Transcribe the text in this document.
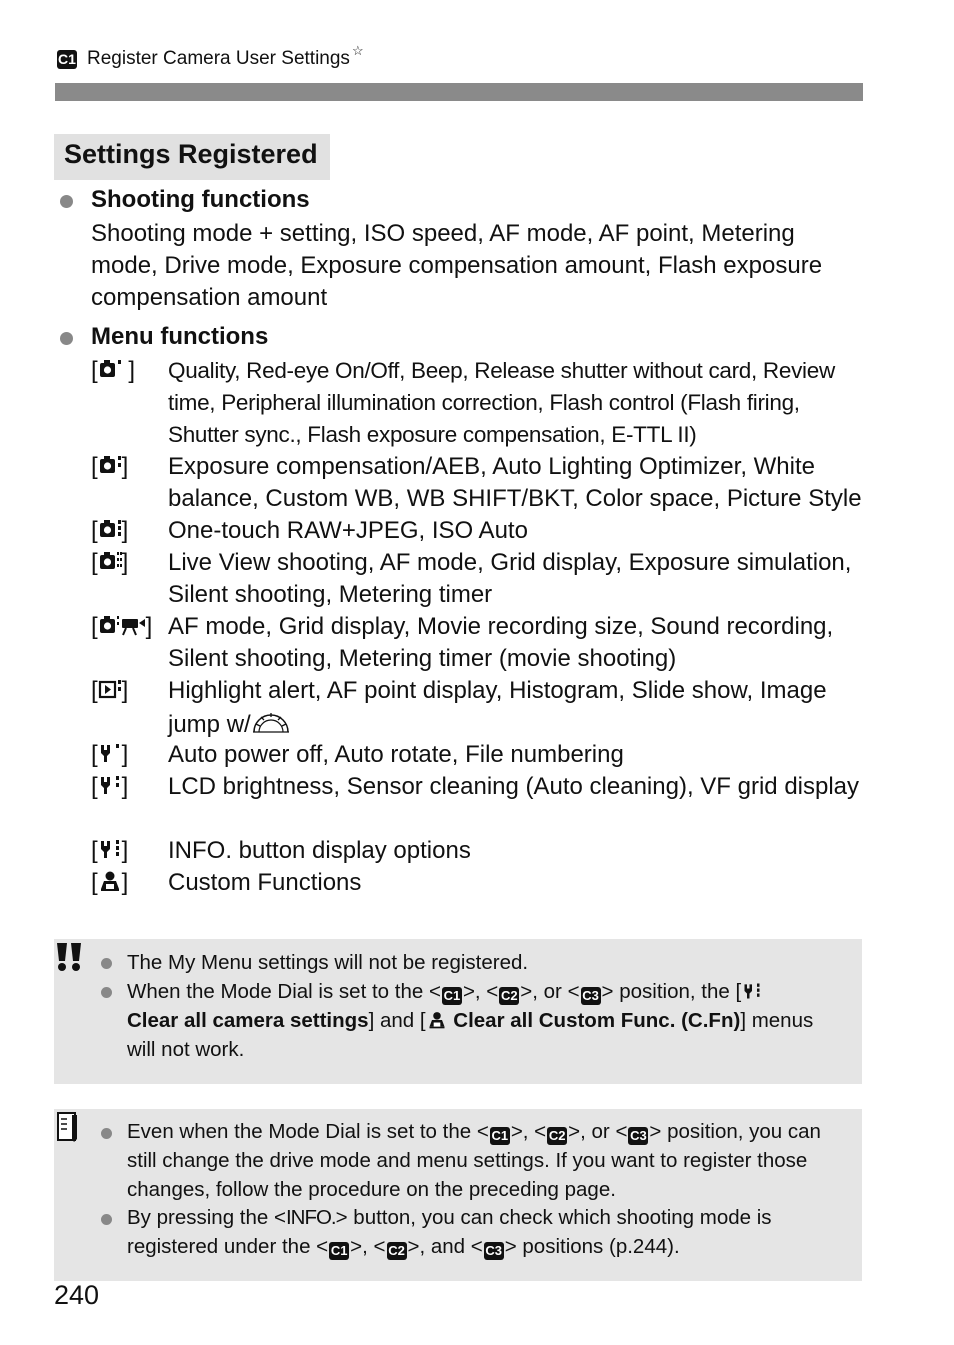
C1 Register Camera User Settings ☆
Settings Registered
Shooting functions
Shooting mode + setting, ISO speed, AF mode, AF point, Metering mode, Drive mode, Exposure compensation amount, Flash exposure compensation amount
Menu functions
[ ] Quality, Red-eye On/Off, Beep, Release shutter without card, Review time, Peripheral illumination correction, Flash control (Flash firing, Shutter sync., Flash exposure compensation, E-TTL II)
[ ] Exposure compensation/AEB, Auto Lighting Optimizer, White balance, Custom WB, WB SHIFT/BKT, Color space, Picture Style
[ ] One-touch RAW+JPEG, ISO Auto
[ ] Live View shooting, AF mode, Grid display, Exposure simulation, Silent shooting, Metering timer
[ ] AF mode, Grid display, Movie recording size, Sound recording, Silent shooting, Metering timer (movie shooting)
[ ] Highlight alert, AF point display, Histogram, Slide show, Image jump w/
[ ] Auto power off, Auto rotate, File numbering
[ ] LCD brightness, Sensor cleaning (Auto cleaning), VF grid display
[ ] INFO. button display options
[ ] Custom Functions
The My Menu settings will not be registered.
When the Mode Dial is set to the < C1 >, < C2 >, or < C3 > position, the [
Clear all camera settings] and [ Clear all Custom Func. (C.Fn)] menus will not work.
Even when the Mode Dial is set to the < C1 >, < C2 >, or < C3 > position, you can still change the drive mode and menu settings. If you want to register those changes, follow the procedure on the preceding page.
By pressing the <INFO.> button, you can check which shooting mode is registered under the < C1 >, < C2 >, and < C3 > positions (p.244).
240
